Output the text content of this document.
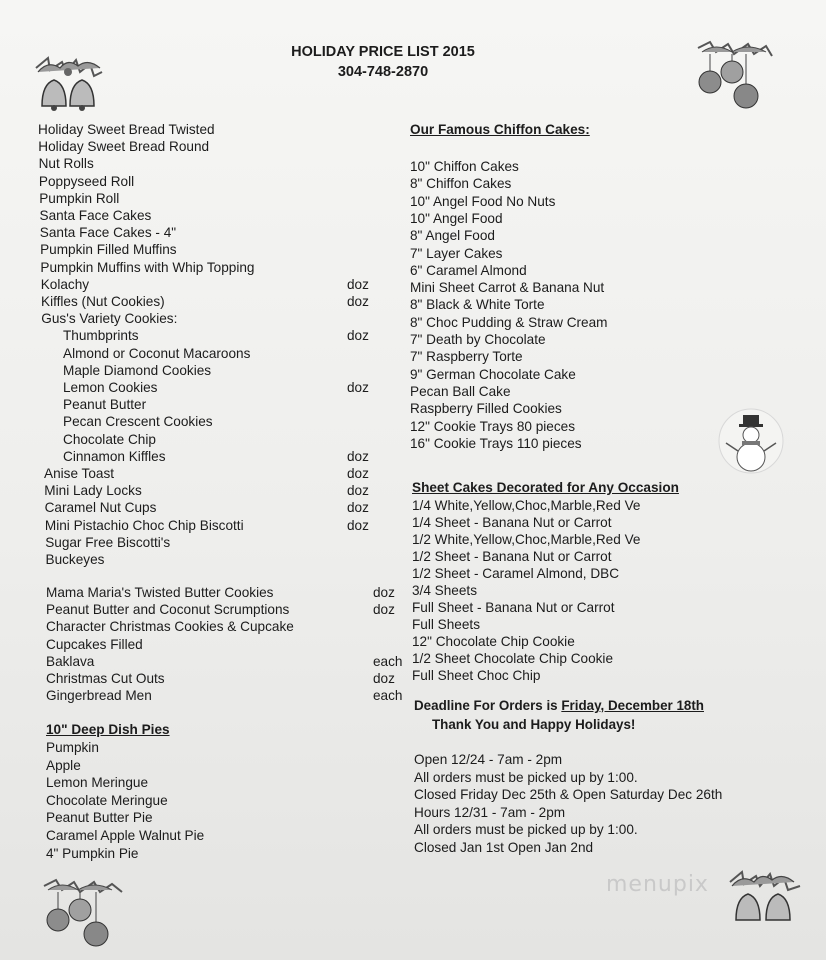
HOLIDAY PRICE LIST 2015
304-748-2870
menupix
Holiday Sweet Bread Twisted
Holiday Sweet Bread Round
Nut Rolls
Poppyseed Roll
Pumpkin Roll
Santa Face Cakes
Santa Face Cakes - 4"
Pumpkin Filled Muffins
Pumpkin Muffins with Whip Topping
Kolachy	doz
Kiffles (Nut Cookies)	doz
Gus's Variety Cookies:
Thumbprints	doz
Almond or Coconut Macaroons
Maple Diamond Cookies
Lemon Cookies	doz
Peanut Butter
Pecan Crescent Cookies
Chocolate Chip
Cinnamon Kiffles	doz
Anise Toast	doz
Mini Lady Locks	doz
Caramel Nut Cups	doz
Mini Pistachio Choc Chip Biscotti	doz
Sugar Free Biscotti's
Buckeyes
Mama Maria's Twisted Butter Cookies	doz
Peanut Butter and Coconut Scrumptions	doz
Character Christmas Cookies & Cupcake
Cupcakes Filled
Baklava	each
Christmas Cut Outs	doz
Gingerbread Men	each
Our Famous Chiffon Cakes:
10" Chiffon Cakes
8" Chiffon Cakes
10" Angel Food No Nuts
10" Angel Food
8" Angel Food
7" Layer Cakes
6" Caramel Almond
Mini Sheet Carrot & Banana Nut
8" Black & White Torte
8" Choc Pudding & Straw Cream
7" Death by Chocolate
7" Raspberry Torte
9" German Chocolate Cake
Pecan Ball Cake
Raspberry Filled Cookies
12" Cookie Trays 80 pieces
16" Cookie Trays 110 pieces
Sheet Cakes Decorated for Any Occasion
1/4 White,Yellow,Choc,Marble,Red Ve
1/4 Sheet - Banana Nut or Carrot
1/2 White,Yellow,Choc,Marble,Red Ve
1/2 Sheet - Banana Nut or Carrot
1/2 Sheet - Caramel Almond, DBC
3/4 Sheets
Full Sheet - Banana Nut or Carrot
Full Sheets
12" Chocolate Chip Cookie
1/2 Sheet Chocolate Chip Cookie
Full Sheet Choc Chip
Deadline For Orders is Friday, December 18th
Thank You and Happy Holidays!
Open 12/24 - 7am - 2pm
All orders must be picked up by 1:00.
Closed Friday Dec 25th & Open Saturday Dec 26th
Hours 12/31 - 7am - 2pm
All orders must be picked up by 1:00.
Closed Jan 1st Open Jan 2nd
10" Deep Dish Pies
Pumpkin
Apple
Lemon Meringue
Chocolate Meringue
Peanut Butter Pie
Caramel Apple Walnut Pie
4" Pumpkin Pie
